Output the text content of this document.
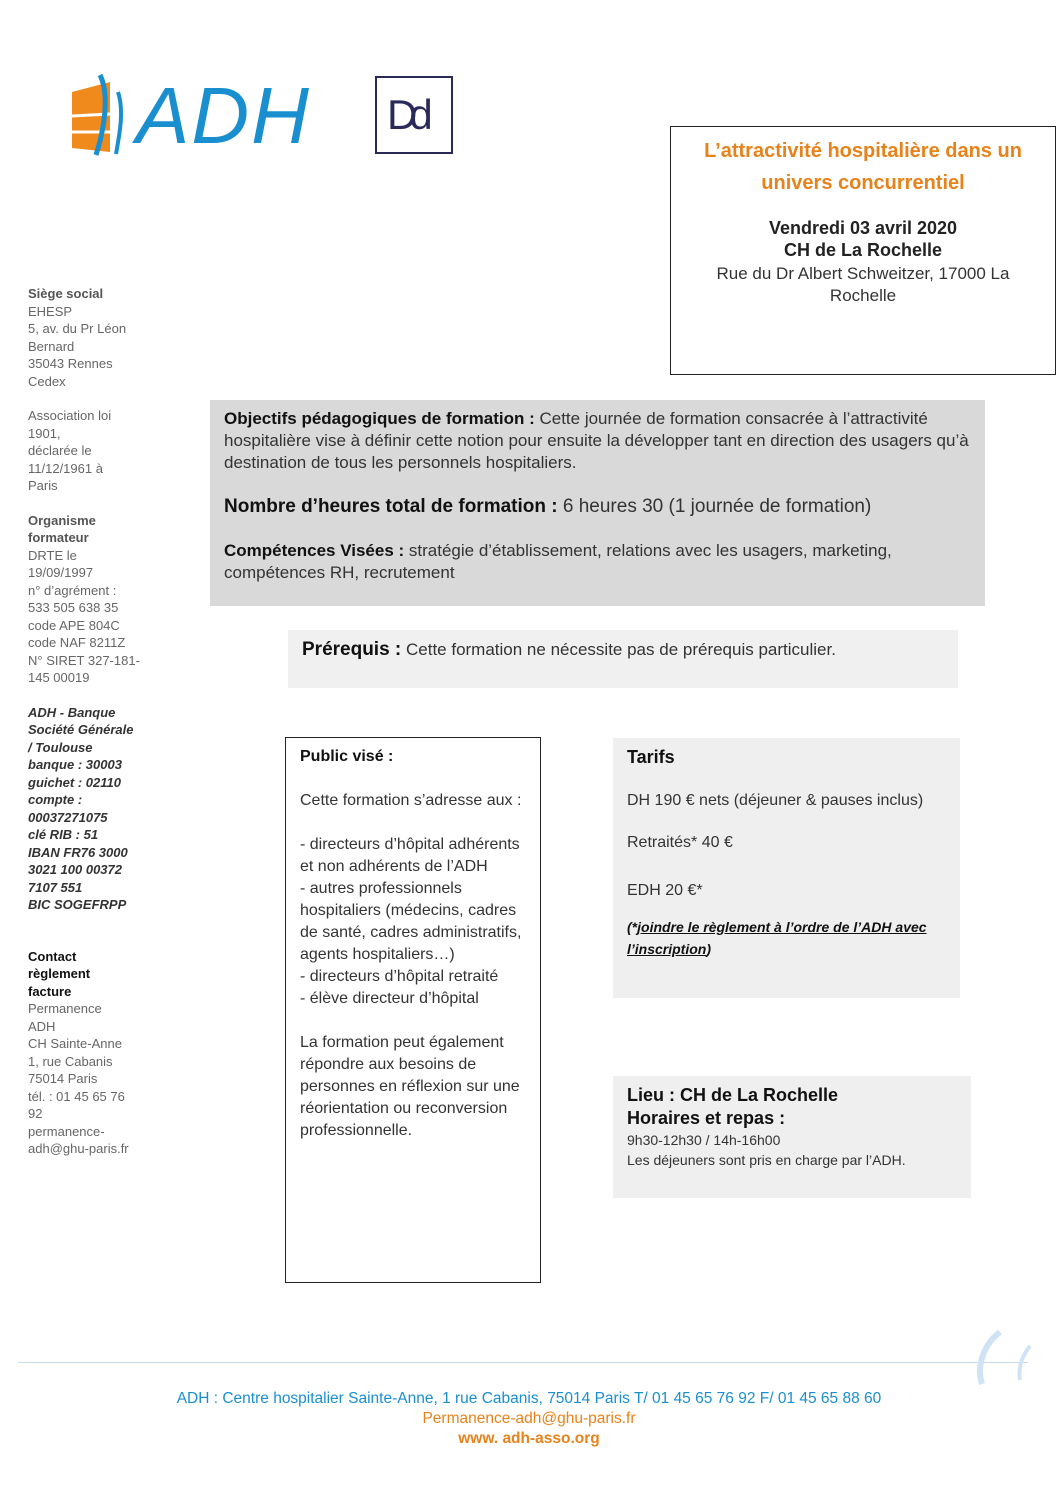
ADH Dd
L’attractivité hospitalière dans un univers concurrentiel
Vendredi 03 avril 2020
CH de La Rochelle
Rue du Dr Albert Schweitzer, 17000 La Rochelle
Siège social
EHESP
5, av. du Pr Léon
Bernard
35043 Rennes
Cedex
Association loi
1901,
déclarée le
11/12/1961 à
Paris
Organisme
formateur
DRTE le
19/09/1997
n° d’agrément :
533 505 638 35
code APE 804C
code NAF 8211Z
N° SIRET 327-181-
145 00019
ADH - Banque
Société Générale
/ Toulouse
banque : 30003
guichet : 02110
compte :
00037271075
clé RIB : 51
IBAN FR76 3000
3021 100 00372
7107 551
BIC SOGEFRPP
Contact
règlement
facture
Permanence
ADH
CH Sainte-Anne
1, rue Cabanis
75014 Paris
tél. : 01 45 65 76
92
permanence-
adh@ghu-paris.fr

Objectifs pédagogiques de formation : Cette journée de formation consacrée à l’attractivité hospitalière vise à définir cette notion pour ensuite la développer tant en direction des usagers qu’à destination de tous les personnels hospitaliers.

Nombre d’heures total de formation : 6 heures 30 (1 journée de formation)

Compétences Visées : stratégie d’établissement, relations avec les usagers, marketing, compétences RH, recrutement

Prérequis : Cette formation ne nécessite pas de prérequis particulier.

Public visé :

Cette formation s’adresse aux :

- directeurs d’hôpital adhérents et non adhérents de l’ADH

- autres professionnels hospitaliers (médecins, cadres de santé, cadres administratifs, agents hospitaliers…)

- directeurs d’hôpital retraité

- élève directeur d’hôpital

La formation peut également répondre aux besoins de personnes en réflexion sur une réorientation ou reconversion professionnelle.

Tarifs

DH 190 € nets (déjeuner & pauses inclus)

Retraités* 40 €

EDH 20 €*

(*joindre le règlement à l’ordre de l’ADH avec l’inscription)

Lieu : CH de La Rochelle
Horaires et repas :
9h30-12h30 / 14h-16h00
Les déjeuners sont pris en charge par l’ADH.
ADH : Centre hospitalier Sainte-Anne, 1 rue Cabanis, 75014 Paris T/ 01 45 65 76 92 F/ 01 45 65 88 60
Permanence-adh@ghu-paris.fr
www. adh-asso.org
